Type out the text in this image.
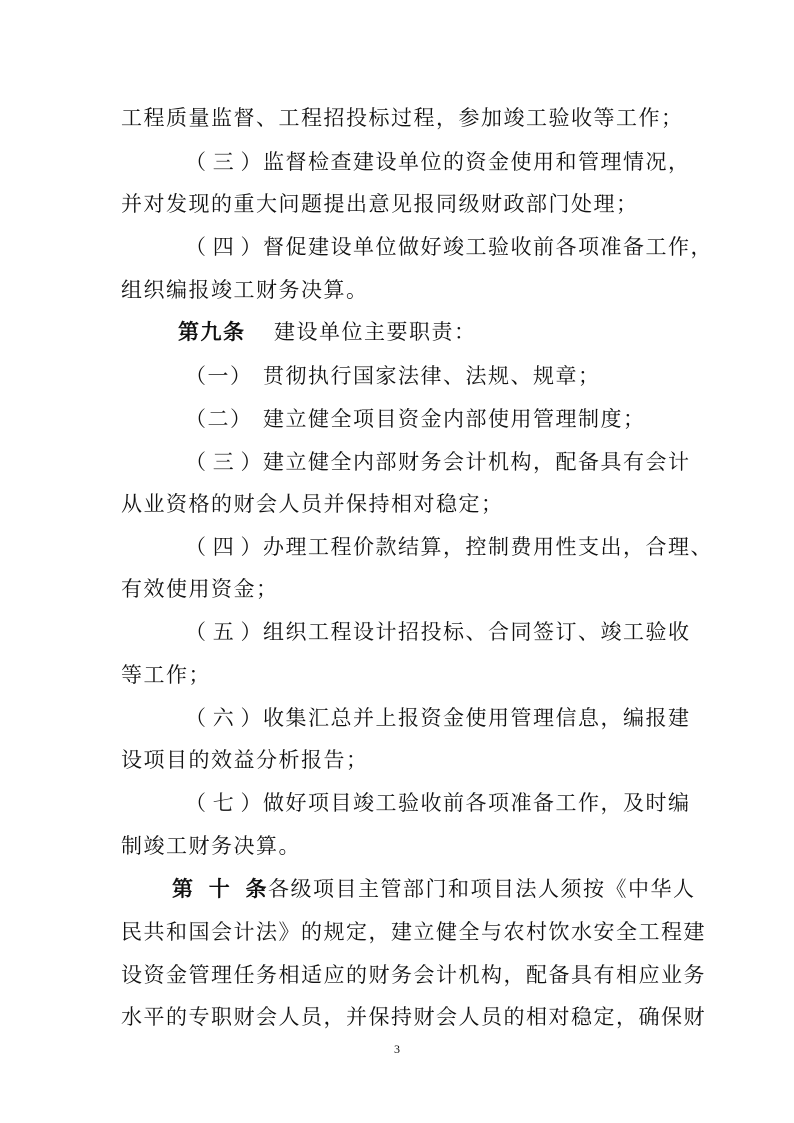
工程质量监督、工程招投标过程，参加竣工验收等工作；
（三）监督检查建设单位的资金使用和管理情况，
并对发现的重大问题提出意见报同级财政部门处理；
（四）督促建设单位做好竣工验收前各项准备工作，
组织编报竣工财务决算。
第九条 建设单位主要职责：
（一） 贯彻执行国家法律、法规、规章；
（二） 建立健全项目资金内部使用管理制度；
（三）建立健全内部财务会计机构，配备具有会计
从业资格的财会人员并保持相对稳定；
（四）办理工程价款结算，控制费用性支出，合理、
有效使用资金；
（五）组织工程设计招投标、合同签订、竣工验收
等工作；
（六）收集汇总并上报资金使用管理信息，编报建
设项目的效益分析报告；
（七）做好项目竣工验收前各项准备工作，及时编
制竣工财务决算。
第十条各级项目主管部门和项目法人须按《中华人
民共和国会计法》的规定，建立健全与农村饮水安全工程建
设资金管理任务相适应的财务会计机构，配备具有相应业务
水平的专职财会人员，并保持财会人员的相对稳定，确保财
3
